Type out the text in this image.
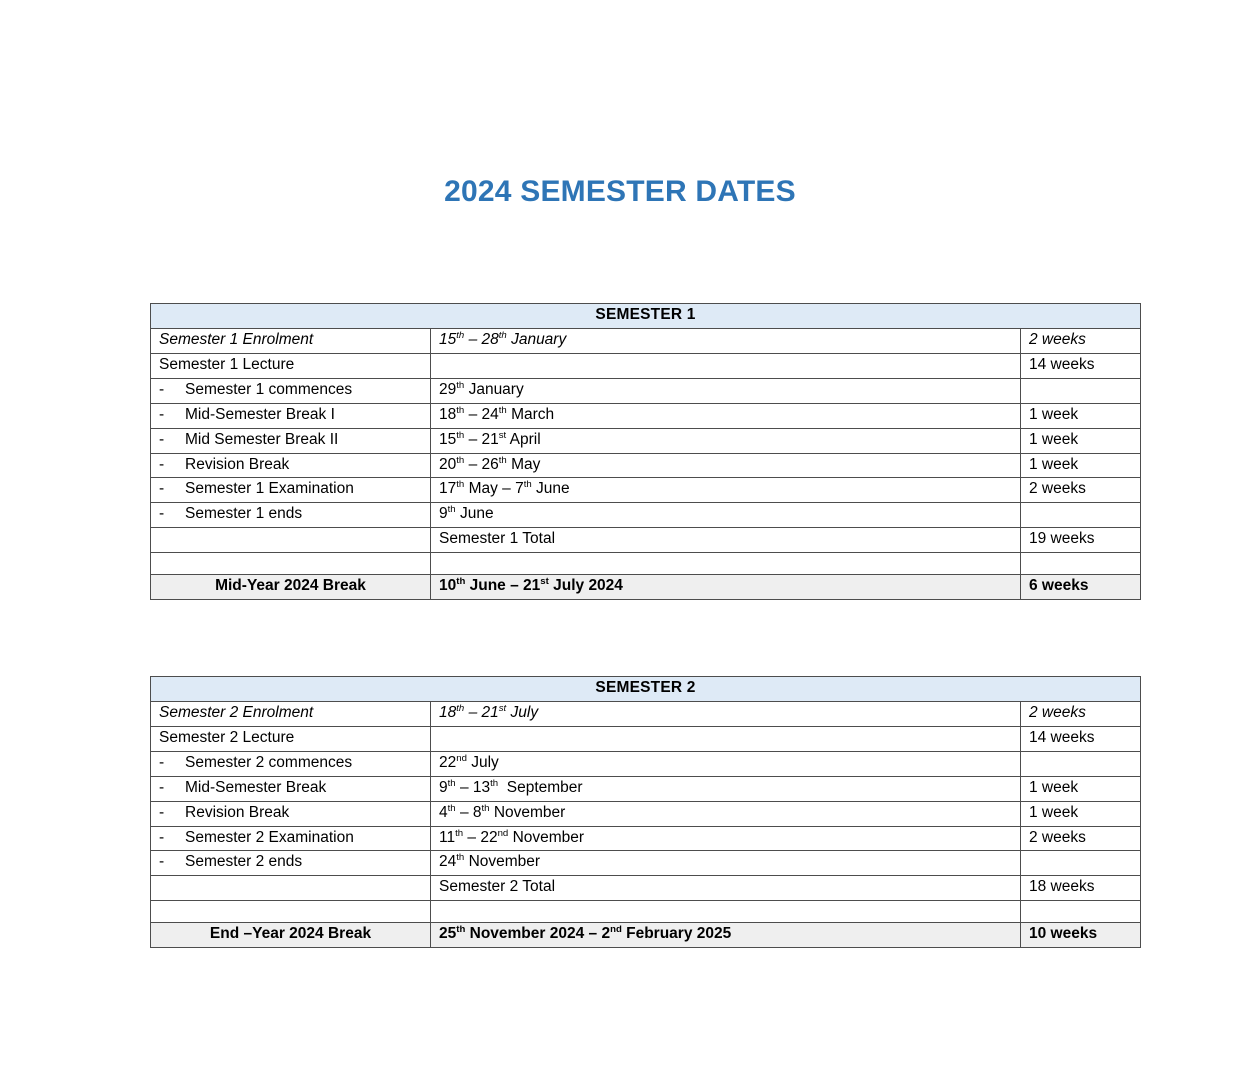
2024 SEMESTER DATES
SEMESTER 1		
Semester 1 Enrolment	15th – 28th January	2 weeks
Semester 1 Lecture		14 weeks
- Semester 1 commences	29th January	
- Mid-Semester Break I	18th – 24th March	1 week
- Mid Semester Break II	15th – 21st April	1 week
- Revision Break	20th – 26th May	1 week
- Semester 1 Examination	17th May – 7th June	2 weeks
- Semester 1 ends	9th June	
	Semester 1 Total	19 weeks

Mid-Year 2024 Break	10th June – 21st July 2024	6 weeks
SEMESTER 2		
Semester 2 Enrolment	18th – 21st July	2 weeks
Semester 2 Lecture		14 weeks
- Semester 2 commences	22nd July	
- Mid-Semester Break	9th – 13th  September	1 week
- Revision Break	4th – 8th November	1 week
- Semester 2 Examination	11th – 22nd November	2 weeks
- Semester 2 ends	24th November	
	Semester 2 Total	18 weeks

End –Year 2024 Break	25th November 2024 – 2nd February 2025	10 weeks
